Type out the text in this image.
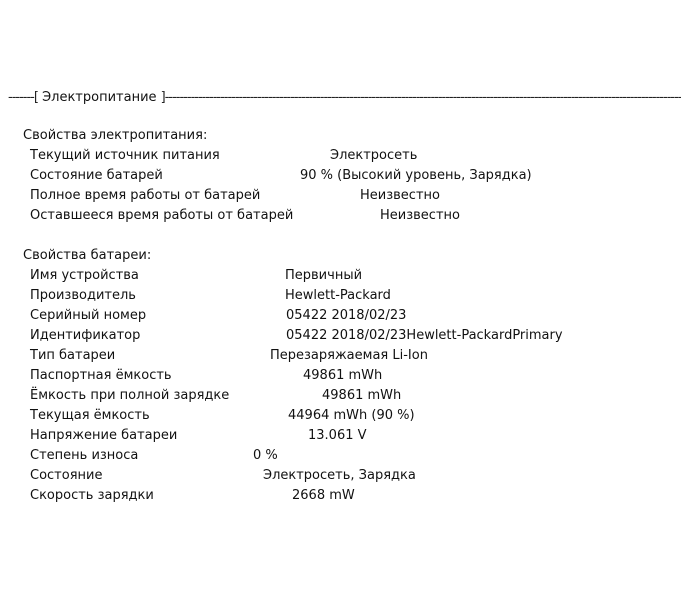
-------[ Электропитание ]--------------------------------------------------------------------------------------------------------------------------------------------
Свойства электропитания:
Текущий источник питания	Электросеть
Состояние батарей	90 % (Высокий уровень, Зарядка)
Полное время работы от батарей	Неизвестно
Оставшееся время работы от батарей	Неизвестно
Свойства батареи:
Имя устройства	Первичный
Производитель	Hewlett-Packard
Серийный номер	05422 2018/02/23
Идентификатор	05422 2018/02/23Hewlett-PackardPrimary
Тип батареи	Перезаряжаемая Li-Ion
Паспортная ёмкость	49861 mWh
Ёмкость при полной зарядке	49861 mWh
Текущая ёмкость	44964 mWh (90 %)
Напряжение батареи	13.061 V
Степень износа	0 %
Состояние	Электросеть, Зарядка
Скорость зарядки	2668 mW
